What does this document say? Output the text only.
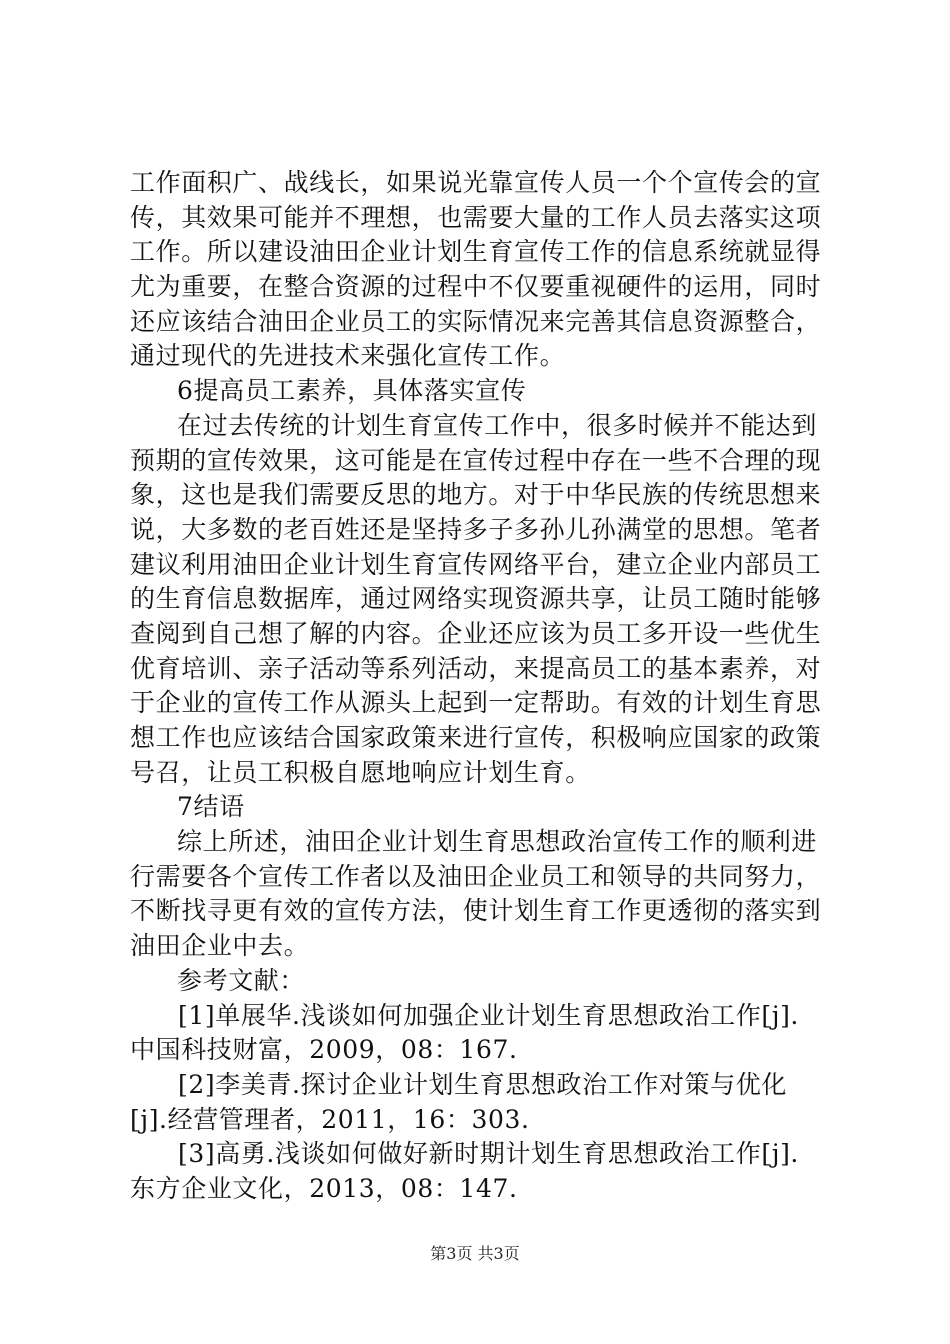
工作面积广、战线长，如果说光靠宣传人员一个个宣传会的宣
传，其效果可能并不理想，也需要大量的工作人员去落实这项
工作。所以建设油田企业计划生育宣传工作的信息系统就显得
尤为重要，在整合资源的过程中不仅要重视硬件的运用，同时
还应该结合油田企业员工的实际情况来完善其信息资源整合，
通过现代的先进技术来强化宣传工作。
6提高员工素养，具体落实宣传
在过去传统的计划生育宣传工作中，很多时候并不能达到
预期的宣传效果，这可能是在宣传过程中存在一些不合理的现
象，这也是我们需要反思的地方。对于中华民族的传统思想来
说，大多数的老百姓还是坚持多子多孙儿孙满堂的思想。笔者
建议利用油田企业计划生育宣传网络平台，建立企业内部员工
的生育信息数据库，通过网络实现资源共享，让员工随时能够
查阅到自己想了解的内容。企业还应该为员工多开设一些优生
优育培训、亲子活动等系列活动，来提高员工的基本素养，对
于企业的宣传工作从源头上起到一定帮助。有效的计划生育思
想工作也应该结合国家政策来进行宣传，积极响应国家的政策
号召，让员工积极自愿地响应计划生育。
7结语
综上所述，油田企业计划生育思想政治宣传工作的顺利进
行需要各个宣传工作者以及油田企业员工和领导的共同努力，
不断找寻更有效的宣传方法，使计划生育工作更透彻的落实到
油田企业中去。
参考文献：
[1]单展华.浅谈如何加强企业计划生育思想政治工作[j].
中国科技财富，2009，08：167.
[2]李美青.探讨企业计划生育思想政治工作对策与优化
[j].经营管理者，2011，16：303.
[3]高勇.浅谈如何做好新时期计划生育思想政治工作[j].
东方企业文化，2013，08：147.
第3页 共3页
